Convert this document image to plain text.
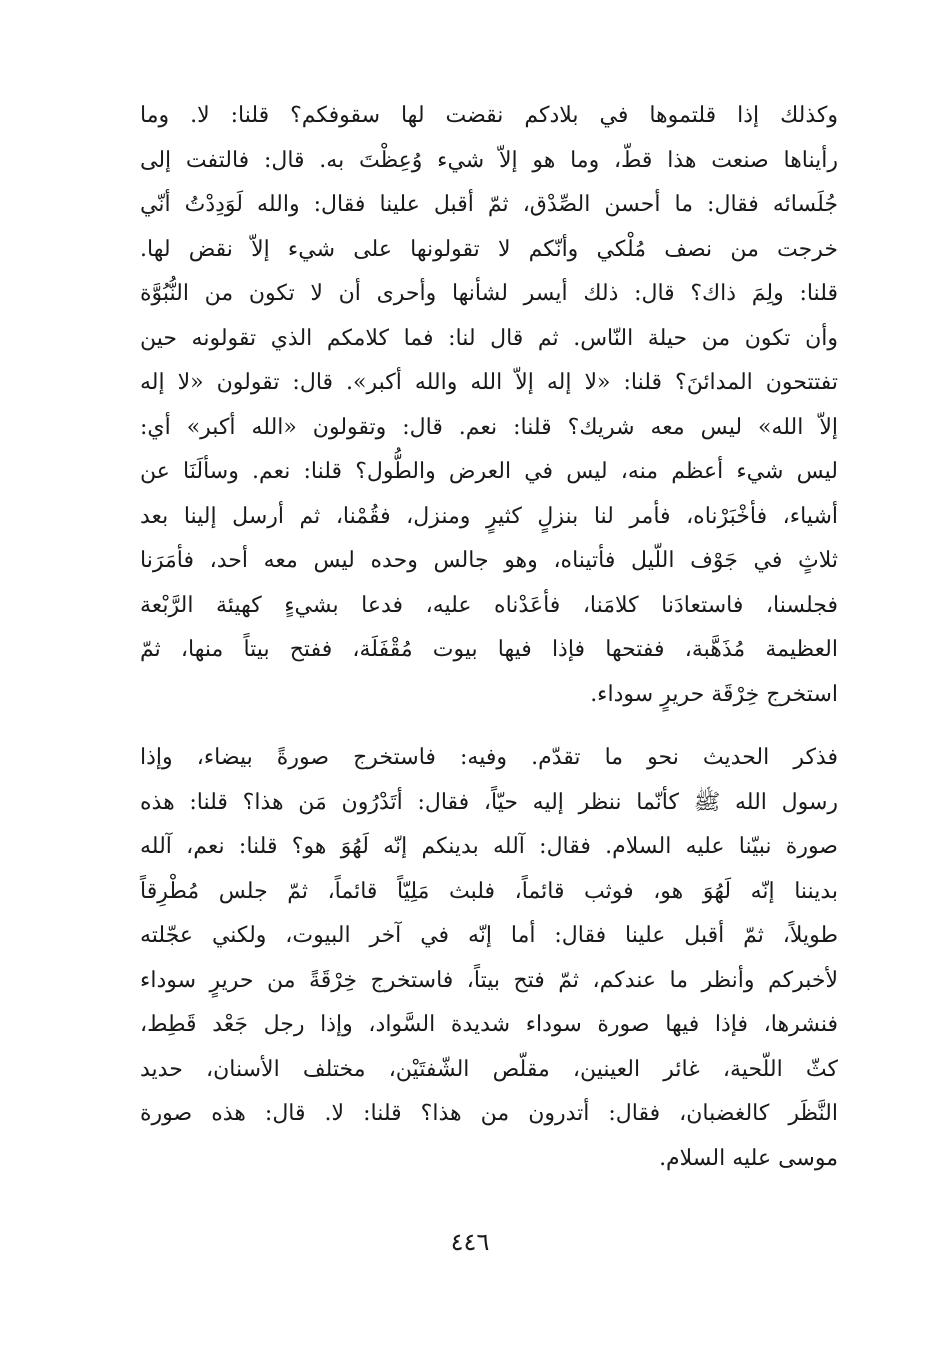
وكذلك إذا قلتموها في بلادكم نقضت لها سقوفكم؟ قلنا: لا. وما
رأيناها صنعت هذا قطّ، وما هو إلاّ شيء وُعِظْتَ به. قال: فالتفت إلى
جُلَسائه فقال: ما أحسن الصِّدْق، ثمّ أقبل علينا فقال: والله لَوَدِدْتُ أنّي
خرجت من نصف مُلْكي وأنّكم لا تقولونها على شيء إلاّ نقض لها.
قلنا: ولِمَ ذاك؟ قال: ذلك أيسر لشأنها وأحرى أن لا تكون من النُّبُوَّة
وأن تكون من حيلة النّاس. ثم قال لنا: فما كلامكم الذي تقولونه حين
تفتتحون المدائنَ؟ قلنا: «لا إله إلاّ الله والله أكبر». قال: تقولون «لا إله
إلاّ الله» ليس معه شريك؟ قلنا: نعم. قال: وتقولون «الله أكبر» أي:
ليس شيء أعظم منه، ليس في العرض والطُّول؟ قلنا: نعم. وسألَنَا عن
أشياء، فأخْبَرْناه، فأمر لنا بنزلٍ كثيرٍ ومنزل، فقُمْنا، ثم أرسل إلينا بعد
ثلاثٍ في جَوْف اللّيل فأتيناه، وهو جالس وحده ليس معه أحد، فأمَرَنا
فجلسنا، فاستعادَنا كلامَنا، فأعَدْناه عليه، فدعا بشيءٍ كهيئة الرَّبْعة
العظيمة مُذَهَّبة، ففتحها فإذا فيها بيوت مُقْفَلَة، ففتح بيتاً منها، ثمّ
استخرج خِرْقَة حريرٍ سوداء.
فذكر الحديث نحو ما تقدّم. وفيه: فاستخرج صورةً بيضاء، وإذا
رسول الله ﷺ كأنّما ننظر إليه حيّاً، فقال: أتَدْرُون مَن هذا؟ قلنا: هذه
صورة نبيّنا عليه السلام. فقال: آلله بدينكم إنّه لَهُوَ هو؟ قلنا: نعم، آلله
بديننا إنّه لَهُوَ هو، فوثب قائماً، فلبث مَلِيّاً قائماً، ثمّ جلس مُطْرِقاً
طويلاً، ثمّ أقبل علينا فقال: أما إنّه في آخر البيوت، ولكني عجّلته
لأخبركم وأنظر ما عندكم، ثمّ فتح بيتاً، فاستخرج خِرْقَةً من حريرٍ سوداء
فنشرها، فإذا فيها صورة سوداء شديدة السَّواد، وإذا رجل جَعْد قَطِط،
كثّ اللّحية، غائر العينين، مقلّص الشّفتَيْن، مختلف الأسنان، حديد
النَّظَر كالغضبان، فقال: أتدرون من هذا؟ قلنا: لا. قال: هذه صورة
موسى عليه السلام.
٤٤٦
